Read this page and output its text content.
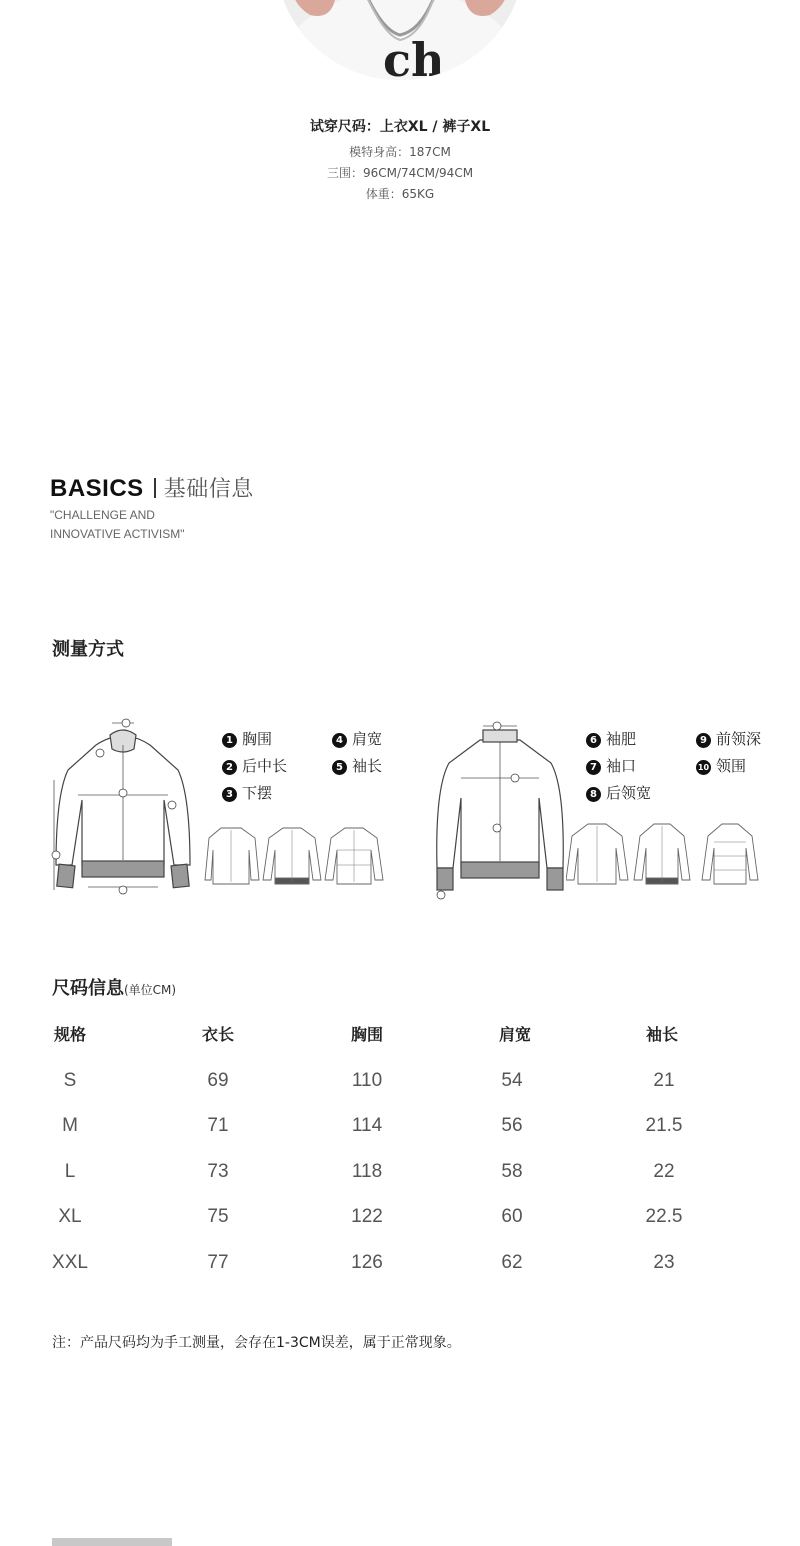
ch
试穿尺码：上衣XL / 裤子XL
模特身高：187CM
三围：96CM/74CM/94CM
体重：65KG
BASICS 基础信息
"CHALLENGE AND
INNOVATIVE ACTIVISM"
测量方式
1 胸围
2 后中长
3 下摆
4 肩宽
5 袖长
6 袖肥
7 袖口
8 后领宽
9 前领深
10 领围
尺码信息(单位CM)
规格	衣长	胸围	肩宽	袖长
S	69	110	54	21
M	71	114	56	21.5
L	73	118	58	22
XL	75	122	60	22.5
XXL	77	126	62	23
注：产品尺码均为手工测量，会存在1-3CM误差，属于正常现象。
